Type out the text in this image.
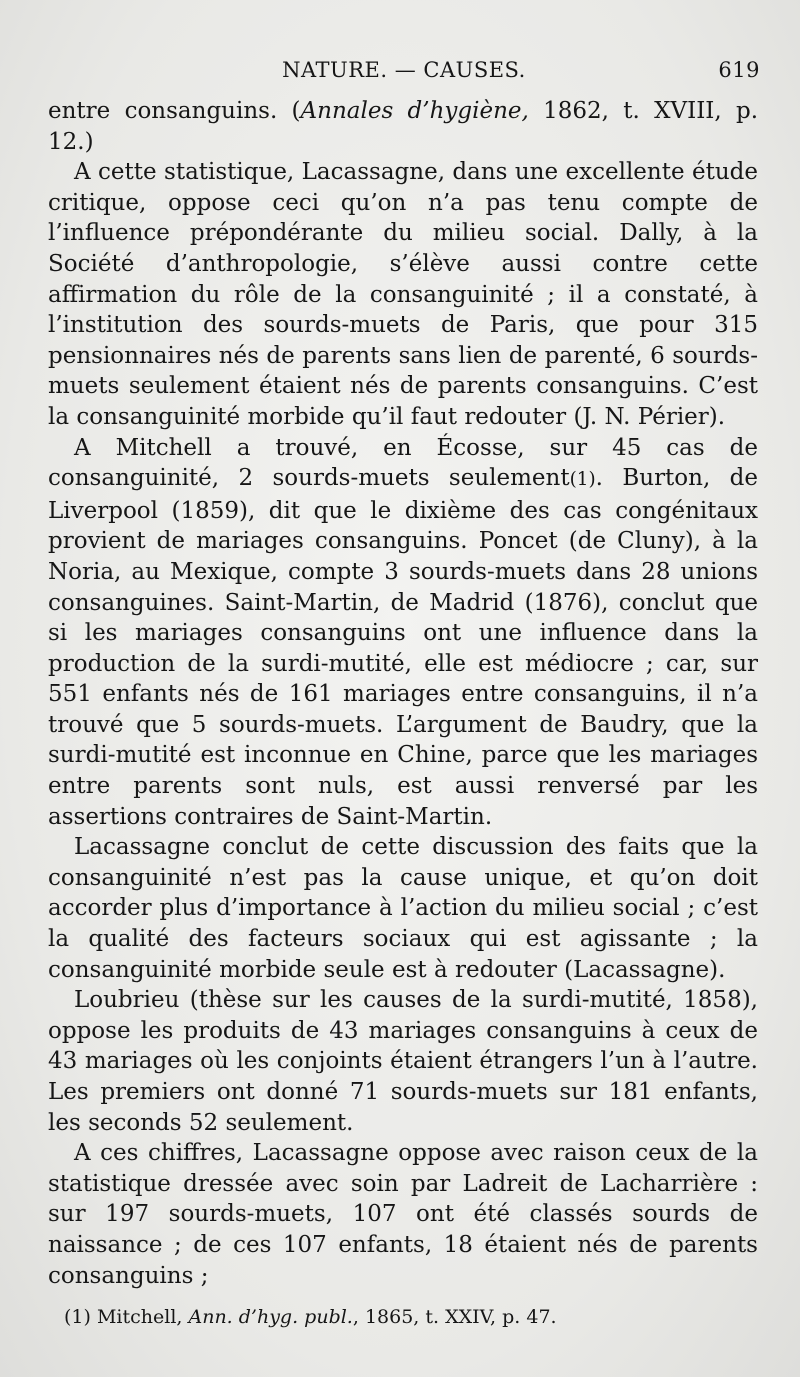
NATURE. — CAUSES.	619

entre consanguins. (Annales d’hygiène, 1862, t. XVIII, p. 12.)

A cette statistique, Lacassagne, dans une excellente étude critique, oppose ceci qu’on n’a pas tenu compte de l’influence prépondérante du milieu social. Dally, à la Société d’anthropologie, s’élève aussi contre cette affirmation du rôle de la consanguinité ; il a constaté, à l’institution des sourds-muets de Paris, que pour 315 pensionnaires nés de parents sans lien de parenté, 6 sourds-muets seulement étaient nés de parents consanguins. C’est la consanguinité morbide qu’il faut redouter (J. N. Périer).

A Mitchell a trouvé, en Écosse, sur 45 cas de consanguinité, 2 sourds-muets seulement(1). Burton, de Liverpool (1859), dit que le dixième des cas congénitaux provient de mariages consanguins. Poncet (de Cluny), à la Noria, au Mexique, compte 3 sourds-muets dans 28 unions consanguines. Saint-Martin, de Madrid (1876), conclut que si les mariages consanguins ont une influence dans la production de la surdi-mutité, elle est médiocre ; car, sur 551 enfants nés de 161 mariages entre consanguins, il n’a trouvé que 5 sourds-muets. L’argument de Baudry, que la surdi-mutité est inconnue en Chine, parce que les mariages entre parents sont nuls, est aussi renversé par les assertions contraires de Saint-Martin.

Lacassagne conclut de cette discussion des faits que la consanguinité n’est pas la cause unique, et qu’on doit accorder plus d’importance à l’action du milieu social ; c’est la qualité des facteurs sociaux qui est agissante ; la consanguinité morbide seule est à redouter (Lacassagne).

Loubrieu (thèse sur les causes de la surdi-mutité, 1858), oppose les produits de 43 mariages consanguins à ceux de 43 mariages où les conjoints étaient étrangers l’un à l’autre. Les premiers ont donné 71 sourds-muets sur 181 enfants, les seconds 52 seulement.

A ces chiffres, Lacassagne oppose avec raison ceux de la statistique dressée avec soin par Ladreit de Lacharrière : sur 197 sourds-muets, 107 ont été classés sourds de naissance ; de ces 107 enfants, 18 étaient nés de parents consanguins ;

(1) Mitchell, Ann. d’hyg. publ., 1865, t. XXIV, p. 47.
